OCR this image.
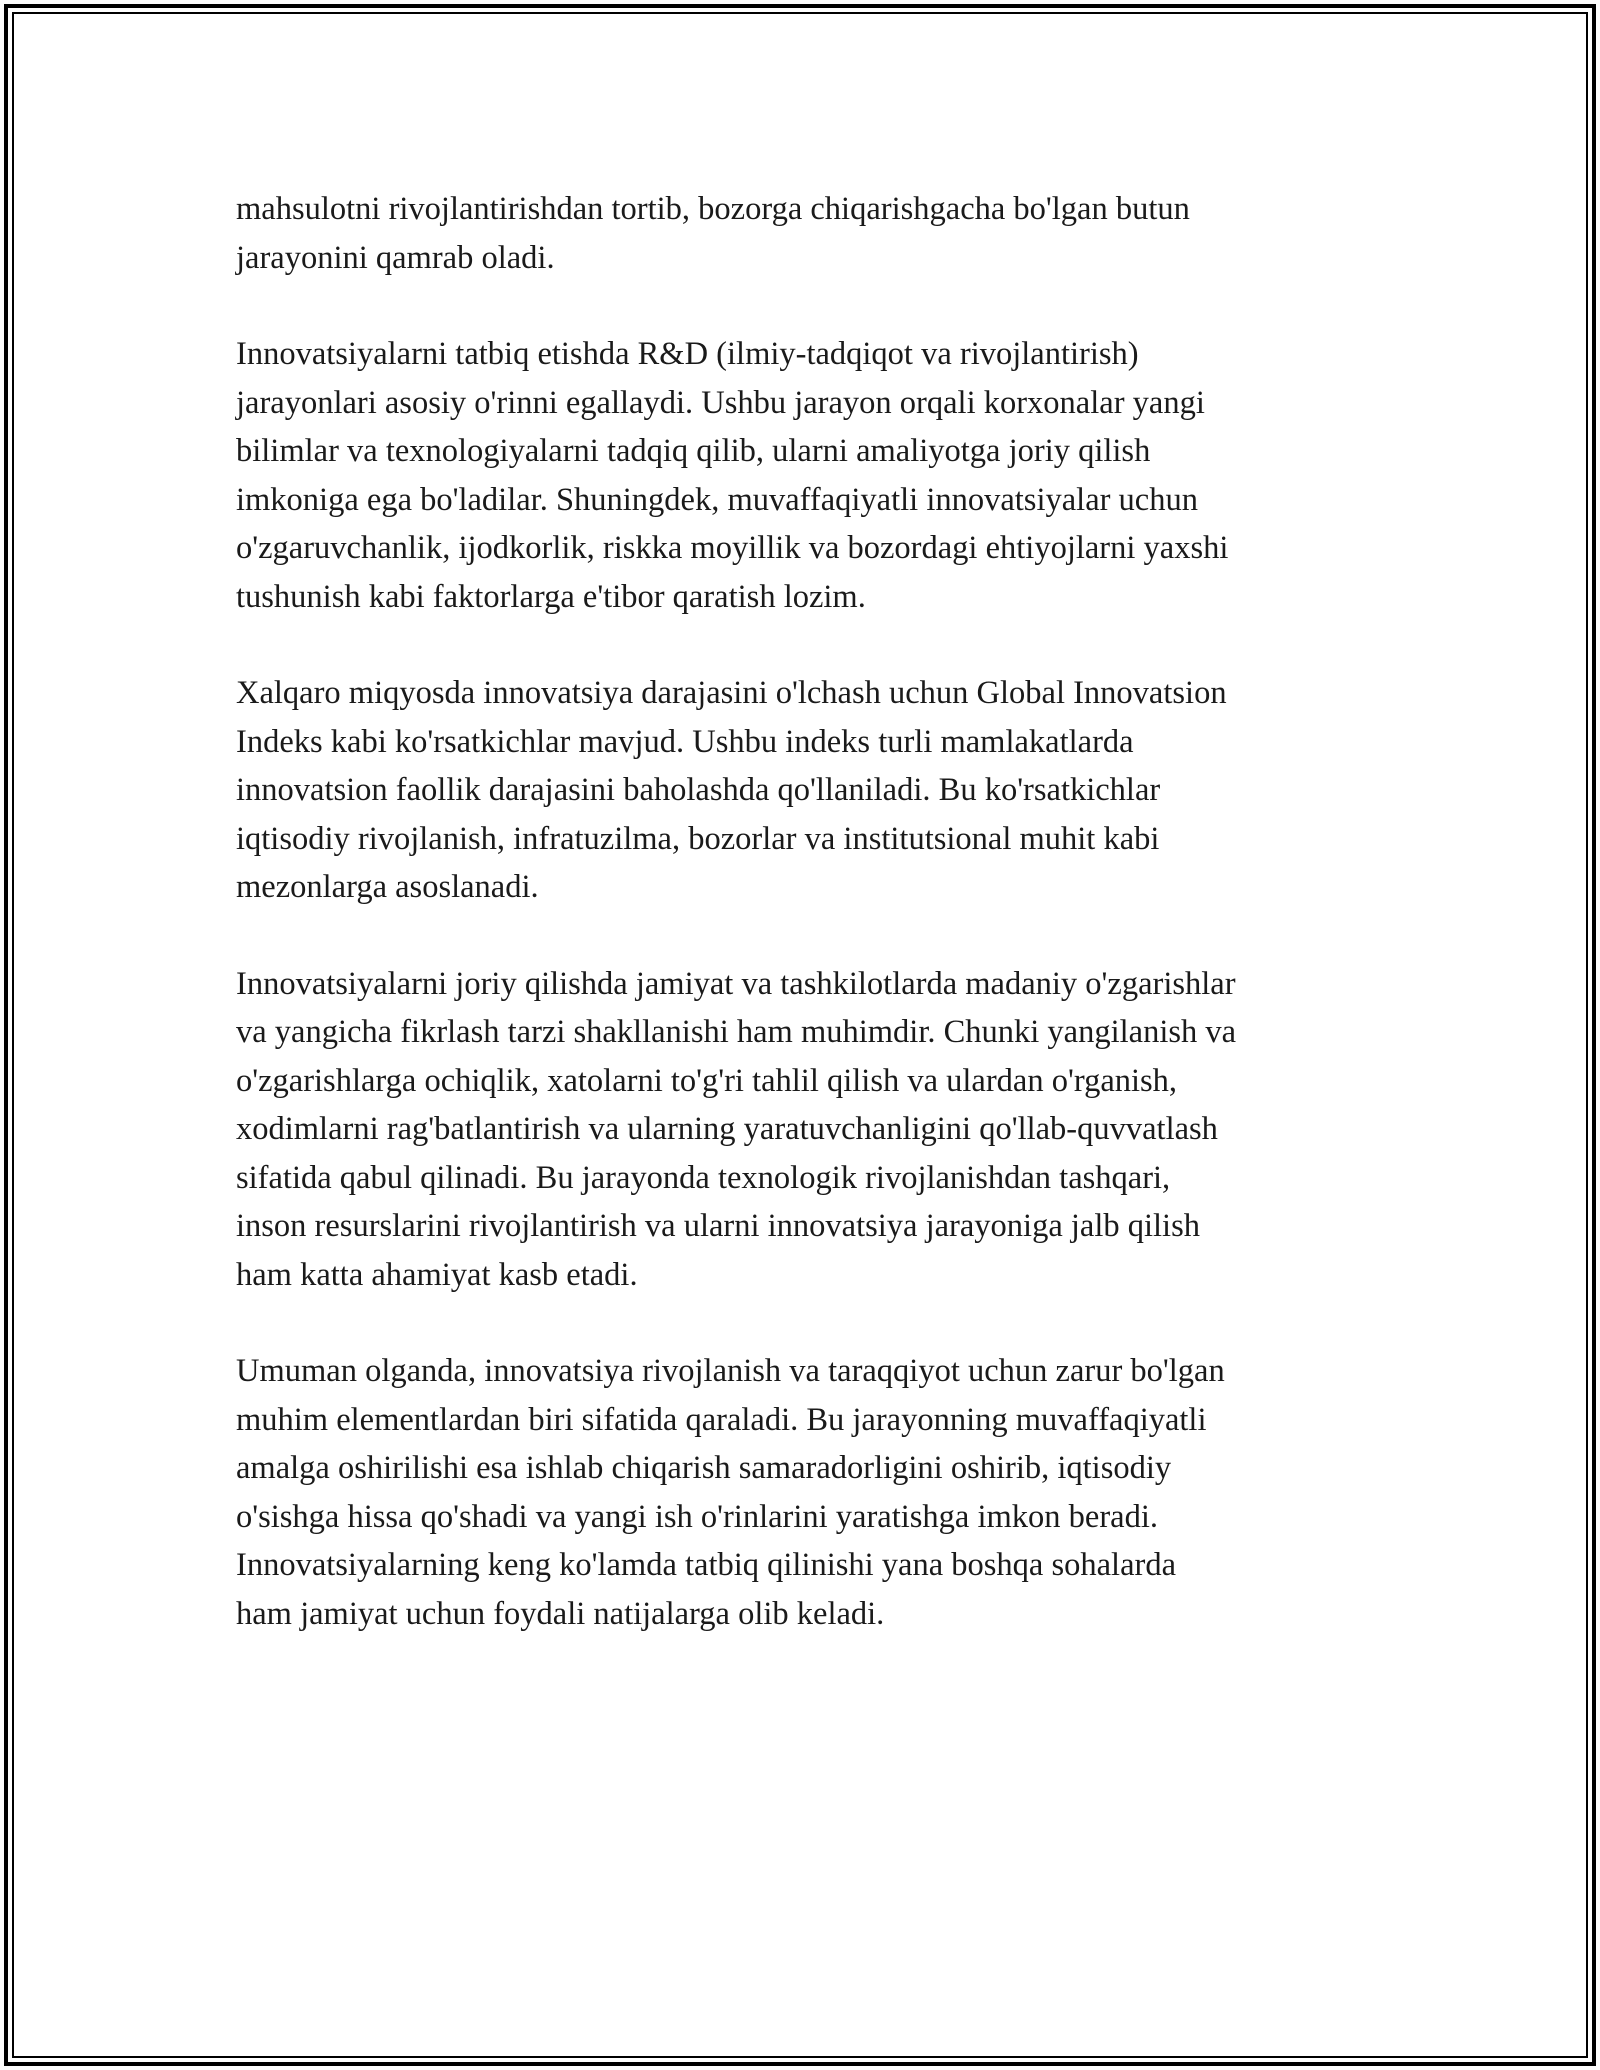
mahsulotni rivojlantirishdan tortib, bozorga chiqarishgacha bo'lgan butun
jarayonini qamrab oladi.

Innovatsiyalarni tatbiq etishda R&D (ilmiy-tadqiqot va rivojlantirish)
jarayonlari asosiy o'rinni egallaydi. Ushbu jarayon orqali korxonalar yangi
bilimlar va texnologiyalarni tadqiq qilib, ularni amaliyotga joriy qilish
imkoniga ega bo'ladilar. Shuningdek, muvaffaqiyatli innovatsiyalar uchun
o'zgaruvchanlik, ijodkorlik, riskka moyillik va bozordagi ehtiyojlarni yaxshi
tushunish kabi faktorlarga e'tibor qaratish lozim.

Xalqaro miqyosda innovatsiya darajasini o'lchash uchun Global Innovatsion
Indeks kabi ko'rsatkichlar mavjud. Ushbu indeks turli mamlakatlarda
innovatsion faollik darajasini baholashda qo'llaniladi. Bu ko'rsatkichlar
iqtisodiy rivojlanish, infratuzilma, bozorlar va institutsional muhit kabi
mezonlarga asoslanadi.

Innovatsiyalarni joriy qilishda jamiyat va tashkilotlarda madaniy o'zgarishlar
va yangicha fikrlash tarzi shakllanishi ham muhimdir. Chunki yangilanish va
o'zgarishlarga ochiqlik, xatolarni to'g'ri tahlil qilish va ulardan o'rganish,
xodimlarni rag'batlantirish va ularning yaratuvchanligini qo'llab-quvvatlash
sifatida qabul qilinadi. Bu jarayonda texnologik rivojlanishdan tashqari,
inson resurslarini rivojlantirish va ularni innovatsiya jarayoniga jalb qilish
ham katta ahamiyat kasb etadi.

Umuman olganda, innovatsiya rivojlanish va taraqqiyot uchun zarur bo'lgan
muhim elementlardan biri sifatida qaraladi. Bu jarayonning muvaffaqiyatli
amalga oshirilishi esa ishlab chiqarish samaradorligini oshirib, iqtisodiy
o'sishga hissa qo'shadi va yangi ish o'rinlarini yaratishga imkon beradi.
Innovatsiyalarning keng ko'lamda tatbiq qilinishi yana boshqa sohalarda
ham jamiyat uchun foydali natijalarga olib keladi.
